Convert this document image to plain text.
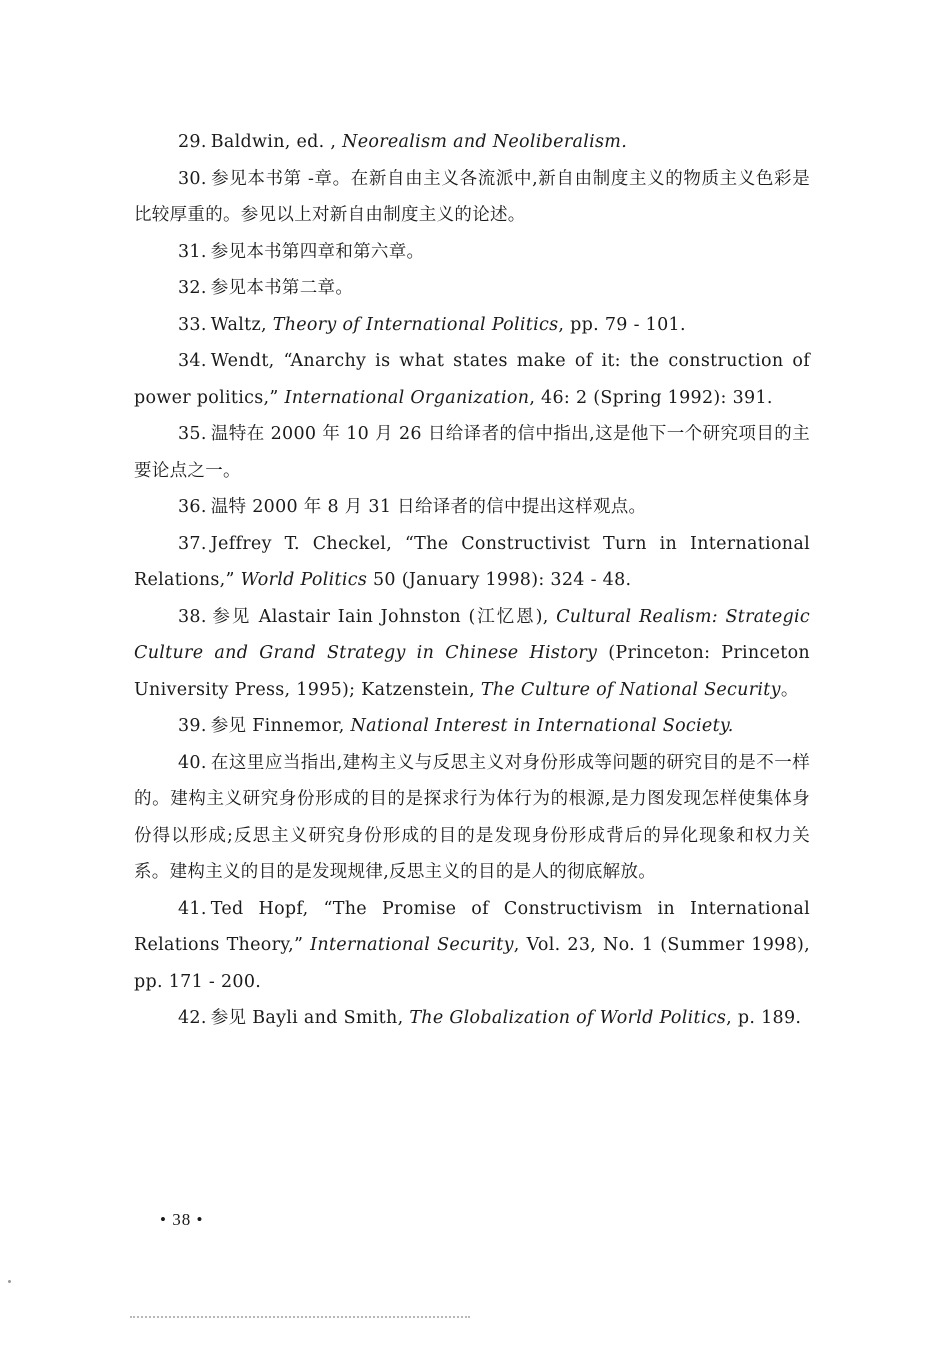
29. Baldwin, ed. , Neorealism and Neoliberalism.

30. 参见本书第 -章。在新自由主义各流派中,新自由制度主义的物质主义色彩是比较厚重的。参见以上对新自由制度主义的论述。

31. 参见本书第四章和第六章。

32. 参见本书第二章。

33. Waltz, Theory of International Politics, pp. 79 - 101.

34. Wendt, “Anarchy is what states make of it: the construction of power politics,” International Organization, 46: 2 (Spring 1992): 391.

35. 温特在 2000 年 10 月 26 日给译者的信中指出,这是他下一个研究项目的主要论点之一。

36. 温特 2000 年 8 月 31 日给译者的信中提出这样观点。

37. Jeffrey T. Checkel, “The Constructivist Turn in International Relations,” World Politics 50 (January 1998): 324 - 48.

38. 参见 Alastair Iain Johnston (江忆恩), Cultural Realism: Strategic Culture and Grand Strategy in Chinese History (Princeton: Princeton University Press, 1995); Katzenstein, The Culture of National Security。

39. 参见 Finnemor, National Interest in International Society.

40. 在这里应当指出,建构主义与反思主义对身份形成等问题的研究目的是不一样的。建构主义研究身份形成的目的是探求行为体行为的根源,是力图发现怎样使集体身份得以形成;反思主义研究身份形成的目的是发现身份形成背后的异化现象和权力关系。建构主义的目的是发现规律,反思主义的目的是人的彻底解放。

41. Ted Hopf, “The Promise of Constructivism in International Relations Theory,” International Security, Vol. 23, No. 1 (Summer 1998), pp. 171 - 200.

42. 参见 Bayli and Smith, The Globalization of World Politics, p. 189.

• 38 •
